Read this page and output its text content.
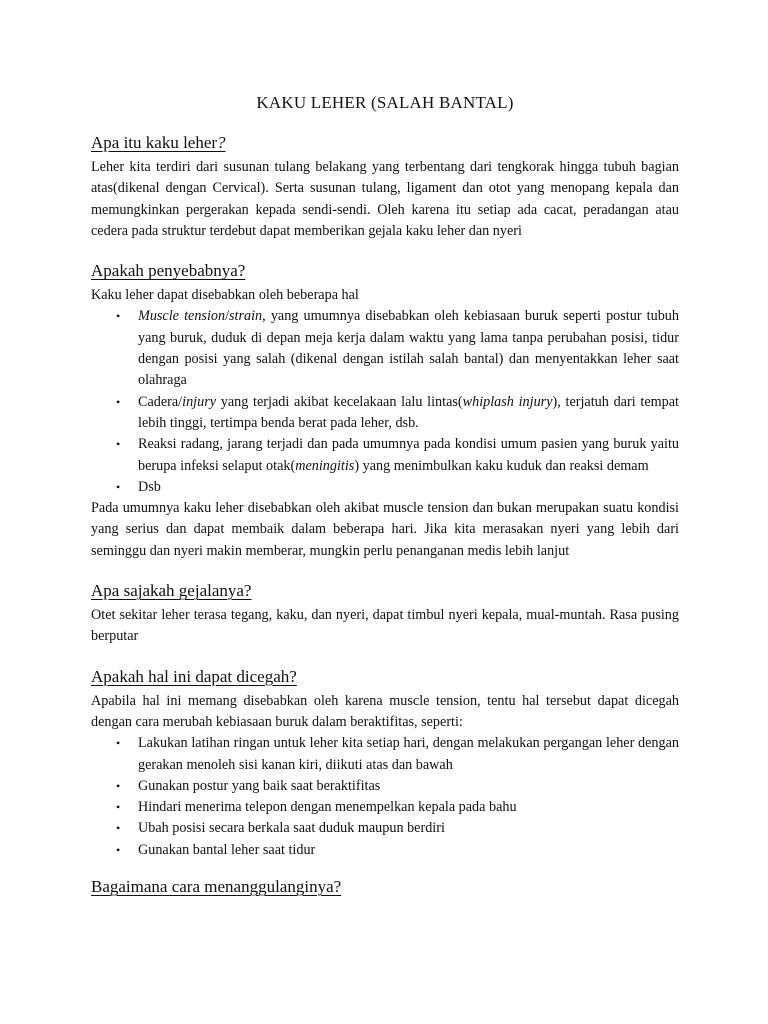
KAKU LEHER (SALAH BANTAL)
Apa itu kaku leher?

Leher kita terdiri dari susunan tulang belakang yang terbentang dari tengkorak hingga tubuh bagian atas(dikenal dengan Cervical). Serta susunan tulang, ligament dan otot yang menopang kepala dan memungkinkan pergerakan kepada sendi-sendi. Oleh karena itu setiap ada cacat, peradangan atau cedera pada struktur terdebut dapat memberikan gejala kaku leher dan nyeri

Apakah penyebabnya?

Kaku leher dapat disebabkan oleh beberapa hal

• Muscle tension/strain, yang umumnya disebabkan oleh kebiasaan buruk seperti postur tubuh yang buruk, duduk di depan meja kerja dalam waktu yang lama tanpa perubahan posisi, tidur dengan posisi yang salah (dikenal dengan istilah salah bantal) dan menyentakkan leher saat olahraga
• Cadera/injury yang terjadi akibat kecelakaan lalu lintas(whiplash injury), terjatuh dari tempat lebih tinggi, tertimpa benda berat pada leher, dsb.
• Reaksi radang, jarang terjadi dan pada umumnya pada kondisi umum pasien yang buruk yaitu berupa infeksi selaput otak(meningitis) yang menimbulkan kaku kuduk dan reaksi demam
• Dsb

Pada umumnya kaku leher disebabkan oleh akibat muscle tension dan bukan merupakan suatu kondisi yang serius dan dapat membaik dalam beberapa hari. Jika kita merasakan nyeri yang lebih dari seminggu dan nyeri makin memberar, mungkin perlu penanganan medis lebih lanjut

Apa sajakah gejalanya?

Otet sekitar leher terasa tegang, kaku, dan nyeri, dapat timbul nyeri kepala, mual-muntah. Rasa pusing berputar

Apakah hal ini dapat dicegah?

Apabila hal ini memang disebabkan oleh karena muscle tension, tentu hal tersebut dapat dicegah dengan cara merubah kebiasaan buruk dalam beraktifitas, seperti:

• Lakukan latihan ringan untuk leher kita setiap hari, dengan melakukan pergangan leher dengan gerakan menoleh sisi kanan kiri, diikuti atas dan bawah
• Gunakan postur yang baik saat beraktifitas
• Hindari menerima telepon dengan menempelkan kepala pada bahu
• Ubah posisi secara berkala saat duduk maupun berdiri
• Gunakan bantal leher saat tidur
Bagaimana cara menanggulanginya?
